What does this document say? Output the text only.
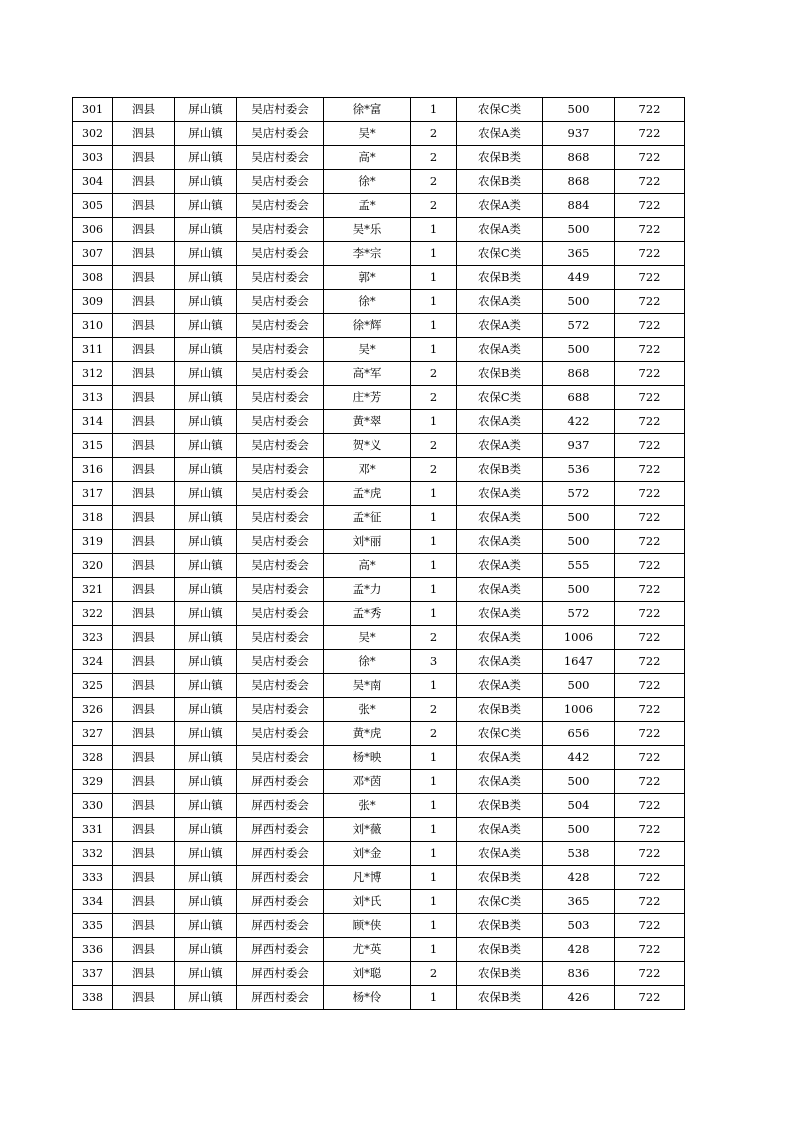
301	泗县	屏山镇	吴店村委会	徐*富	1	农保C类	500	722
302	泗县	屏山镇	吴店村委会	吴*	2	农保A类	937	722
303	泗县	屏山镇	吴店村委会	高*	2	农保B类	868	722
304	泗县	屏山镇	吴店村委会	徐*	2	农保B类	868	722
305	泗县	屏山镇	吴店村委会	孟*	2	农保A类	884	722
306	泗县	屏山镇	吴店村委会	吴*乐	1	农保A类	500	722
307	泗县	屏山镇	吴店村委会	李*宗	1	农保C类	365	722
308	泗县	屏山镇	吴店村委会	郭*	1	农保B类	449	722
309	泗县	屏山镇	吴店村委会	徐*	1	农保A类	500	722
310	泗县	屏山镇	吴店村委会	徐*辉	1	农保A类	572	722
311	泗县	屏山镇	吴店村委会	吴*	1	农保A类	500	722
312	泗县	屏山镇	吴店村委会	高*军	2	农保B类	868	722
313	泗县	屏山镇	吴店村委会	庄*芳	2	农保C类	688	722
314	泗县	屏山镇	吴店村委会	黄*翠	1	农保A类	422	722
315	泗县	屏山镇	吴店村委会	贺*义	2	农保A类	937	722
316	泗县	屏山镇	吴店村委会	邓*	2	农保B类	536	722
317	泗县	屏山镇	吴店村委会	孟*虎	1	农保A类	572	722
318	泗县	屏山镇	吴店村委会	孟*征	1	农保A类	500	722
319	泗县	屏山镇	吴店村委会	刘*丽	1	农保A类	500	722
320	泗县	屏山镇	吴店村委会	高*	1	农保A类	555	722
321	泗县	屏山镇	吴店村委会	孟*力	1	农保A类	500	722
322	泗县	屏山镇	吴店村委会	孟*秀	1	农保A类	572	722
323	泗县	屏山镇	吴店村委会	吴*	2	农保A类	1006	722
324	泗县	屏山镇	吴店村委会	徐*	3	农保A类	1647	722
325	泗县	屏山镇	吴店村委会	吴*南	1	农保A类	500	722
326	泗县	屏山镇	吴店村委会	张*	2	农保B类	1006	722
327	泗县	屏山镇	吴店村委会	黄*虎	2	农保C类	656	722
328	泗县	屏山镇	吴店村委会	杨*映	1	农保A类	442	722
329	泗县	屏山镇	屏西村委会	邓*茵	1	农保A类	500	722
330	泗县	屏山镇	屏西村委会	张*	1	农保B类	504	722
331	泗县	屏山镇	屏西村委会	刘*薇	1	农保A类	500	722
332	泗县	屏山镇	屏西村委会	刘*金	1	农保A类	538	722
333	泗县	屏山镇	屏西村委会	凡*博	1	农保B类	428	722
334	泗县	屏山镇	屏西村委会	刘*氏	1	农保C类	365	722
335	泗县	屏山镇	屏西村委会	顾*侠	1	农保B类	503	722
336	泗县	屏山镇	屏西村委会	尤*英	1	农保B类	428	722
337	泗县	屏山镇	屏西村委会	刘*聪	2	农保B类	836	722
338	泗县	屏山镇	屏西村委会	杨*伶	1	农保B类	426	722
